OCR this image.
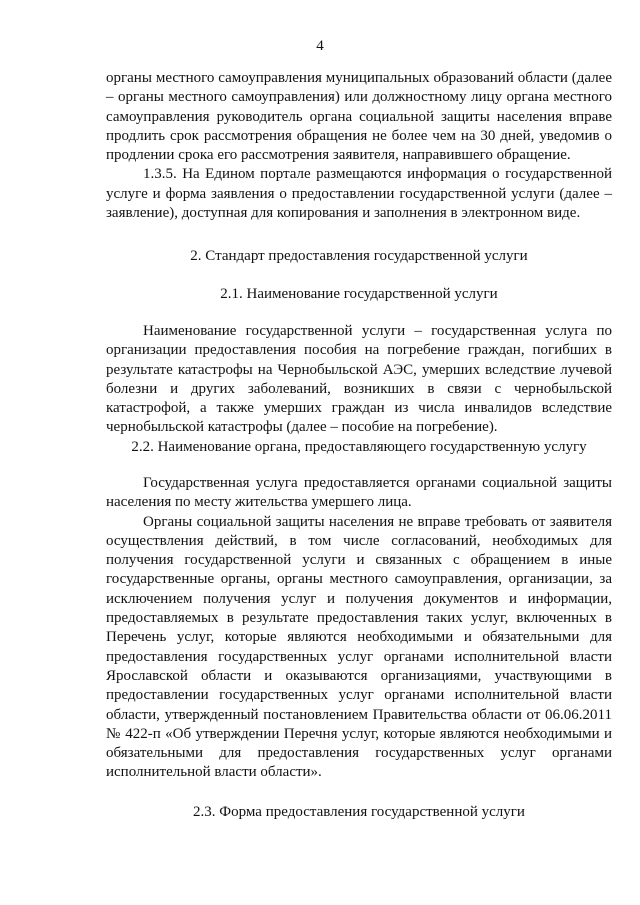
4

органы местного самоуправления муниципальных образований области (далее – органы местного самоуправления) или должностному лицу органа местного самоуправления руководитель органа социальной защиты населения вправе продлить срок рассмотрения обращения не более чем на 30 дней, уведомив о продлении срока его рассмотрения заявителя, направившего обращение.

1.3.5. На Едином портале размещаются информация о государственной услуге и форма заявления о предоставлении государственной услуги (далее – заявление), доступная для копирования и заполнения в электронном виде.

2. Стандарт предоставления государственной услуги
2.1. Наименование государственной услуги

Наименование государственной услуги – государственная услуга по организации предоставления пособия на погребение граждан, погибших в результате катастрофы на Чернобыльской АЭС, умерших вследствие лучевой болезни и других заболеваний, возникших в связи с чернобыльской катастрофой, а также умерших граждан из числа инвалидов вследствие чернобыльской катастрофы (далее – пособие на погребение).

2.2. Наименование органа, предоставляющего государственную услугу

Государственная услуга предоставляется органами социальной защиты населения по месту жительства умершего лица.

Органы социальной защиты населения не вправе требовать от заявителя осуществления действий, в том числе согласований, необходимых для получения государственной услуги и связанных с обращением в иные государственные органы, органы местного самоуправления, организации, за исключением получения услуг и получения документов и информации, предоставляемых в результате предоставления таких услуг, включенных в Перечень услуг, которые являются необходимыми и обязательными для предоставления государственных услуг органами исполнительной власти Ярославской области и оказываются организациями, участвующими в предоставлении государственных услуг органами исполнительной власти области, утвержденный постановлением Правительства области от 06.06.2011 № 422-п «Об утверждении Перечня услуг, которые являются необходимыми и обязательными для предоставления государственных услуг органами исполнительной власти области».

2.3. Форма предоставления государственной услуги
